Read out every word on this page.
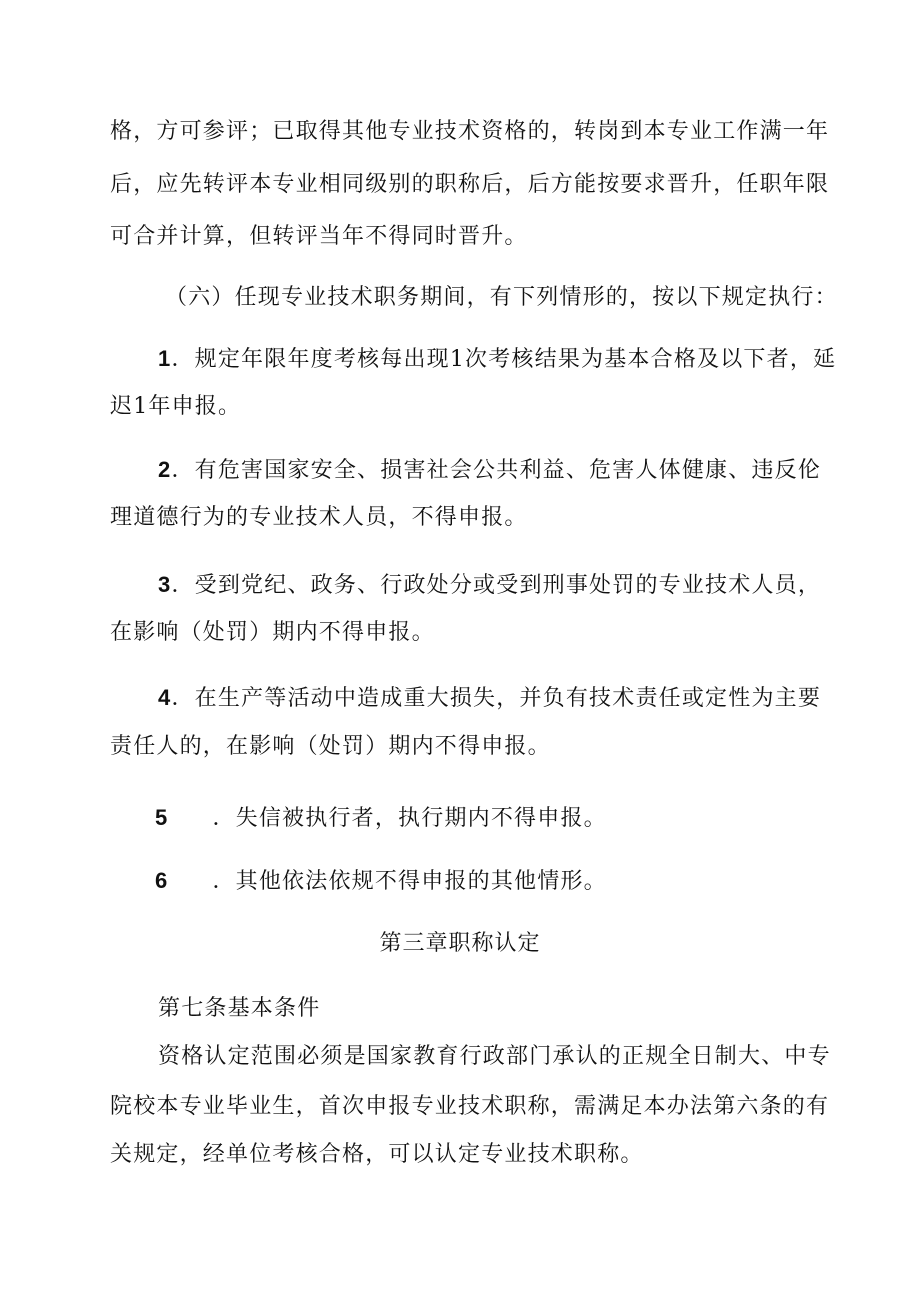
格，方可参评；已取得其他专业技术资格的，转岗到本专业工作满一年
后，应先转评本专业相同级别的职称后，后方能按要求晋升，任职年限
可合并计算，但转评当年不得同时晋升。
（六）任现专业技术职务期间，有下列情形的，按以下规定执行：
1．规定年限年度考核每出现1次考核结果为基本合格及以下者，延
迟1年申报。
2．有危害国家安全、损害社会公共利益、危害人体健康、违反伦
理道德行为的专业技术人员，不得申报。
3．受到党纪、政务、行政处分或受到刑事处罚的专业技术人员，
在影响（处罚）期内不得申报。
4．在生产等活动中造成重大损失，并负有技术责任或定性为主要
责任人的，在影响（处罚）期内不得申报。
5 ．失信被执行者，执行期内不得申报。
6 ．其他依法依规不得申报的其他情形。
第三章职称认定
第七条基本条件
资格认定范围必须是国家教育行政部门承认的正规全日制大、中专
院校本专业毕业生，首次申报专业技术职称，需满足本办法第六条的有
关规定，经单位考核合格，可以认定专业技术职称。
